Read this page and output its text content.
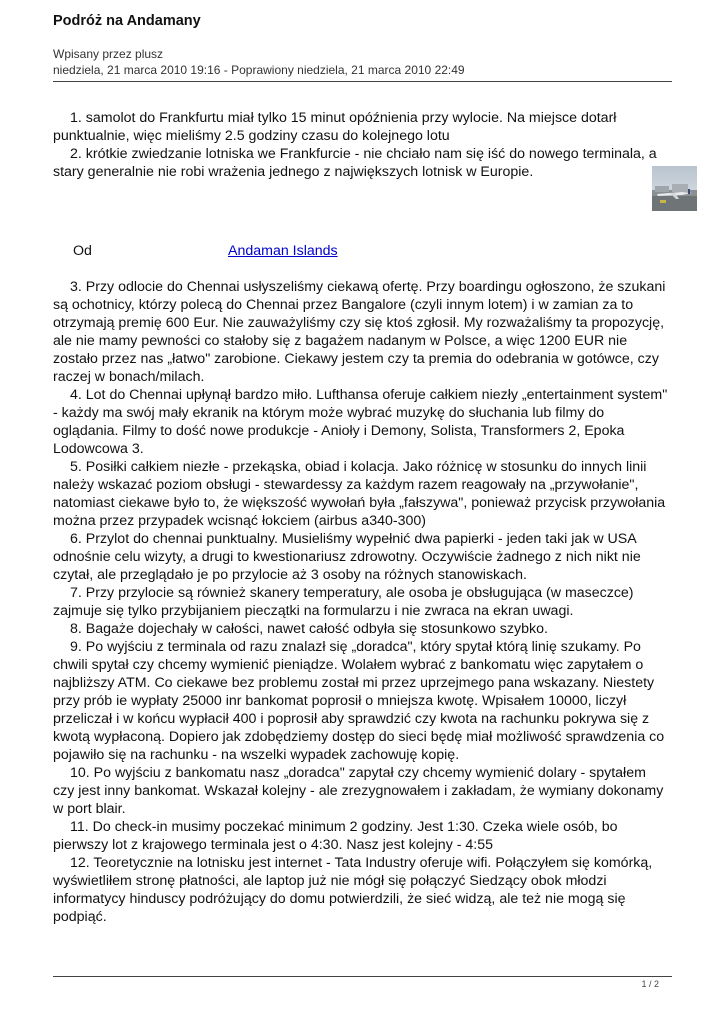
Podróż na Andamany
Wpisany przez plusz
niedziela, 21 marca 2010 19:16 - Poprawiony niedziela, 21 marca 2010 22:49

1. samolot do Frankfurtu miał tylko 15 minut opóźnienia przy wylocie. Na miejsce dotarł punktualnie, więc mieliśmy 2.5 godziny czasu do kolejnego lotu

2. krótkie zwiedzanie lotniska we Frankfurcie - nie chciało nam się iść do nowego terminala, a stary generalnie nie robi wrażenia jednego z największych lotnisk w Europie.

Od	Andaman Islands

3. Przy odlocie do Chennai usłyszeliśmy ciekawą ofertę. Przy boardingu ogłoszono, że szukani są ochotnicy, którzy polecą do Chennai przez Bangalore (czyli innym lotem) i w zamian za to otrzymają premię 600 Eur. Nie zauważyliśmy czy się ktoś zgłosił. My rozważaliśmy ta propozycję, ale nie mamy pewności co stałoby się z bagażem nadanym w Polsce, a więc 1200 EUR nie zostało przez nas „łatwo" zarobione. Ciekawy jestem czy ta premia do odebrania w gotówce, czy raczej w bonach/milach.

4. Lot do Chennai upłynął bardzo miło. Lufthansa oferuje całkiem niezły „entertainment system" - każdy ma swój mały ekranik na którym może wybrać muzykę do słuchania lub filmy do oglądania. Filmy to dość nowe produkcje - Anioły i Demony, Solista, Transformers 2, Epoka Lodowcowa 3.

5. Posiłki całkiem niezłe - przekąska, obiad i kolacja. Jako różnicę w stosunku do innych linii należy wskazać poziom obsługi - stewardessy za każdym razem reagowały na „przywołanie", natomiast ciekawe było to, że większość wywołań była „fałszywa", ponieważ przycisk przywołania można przez przypadek wcisnąć łokciem (airbus a340-300)

6. Przylot do chennai punktualny. Musieliśmy wypełnić dwa papierki - jeden taki jak w USA odnośnie celu wizyty, a drugi to kwestionariusz zdrowotny. Oczywiście żadnego z nich nikt nie czytał, ale przeglądało je po przylocie aż 3 osoby na różnych stanowiskach.

7. Przy przylocie są również skanery temperatury, ale osoba je obsługująca (w maseczce) zajmuje się tylko przybijaniem pieczątki na formularzu i nie zwraca na ekran uwagi.

8. Bagaże dojechały w całości, nawet całość odbyła się stosunkowo szybko.

9. Po wyjściu z terminala od razu znalazł się „doradca", który spytał którą linię szukamy. Po chwili spytał czy chcemy wymienić pieniądze. Wolałem wybrać z bankomatu więc zapytałem o najbliższy ATM. Co ciekawe bez problemu został mi przez uprzejmego pana wskazany. Niestety przy prób ie wypłaty 25000 inr bankomat poprosił o mniejsza kwotę. Wpisałem 10000, liczył przeliczał i w końcu wypłacił 400 i poprosił aby sprawdzić czy kwota na rachunku pokrywa się z kwotą wypłaconą. Dopiero jak zdobędziemy dostęp do sieci będę miał możliwość sprawdzenia co pojawiło się na rachunku - na wszelki wypadek zachowuję kopię.

10. Po wyjściu z bankomatu nasz „doradca" zapytał czy chcemy wymienić dolary - spytałem czy jest inny bankomat. Wskazał kolejny - ale zrezygnowałem i zakładam, że wymiany dokonamy w port blair.

11. Do check-in musimy poczekać minimum 2 godziny. Jest 1:30. Czeka wiele osób, bo pierwszy lot z krajowego terminala jest o 4:30. Nasz jest kolejny - 4:55

12. Teoretycznie na lotnisku jest internet - Tata Industry oferuje wifi. Połączyłem się komórką, wyświetliłem stronę płatności, ale laptop już nie mógł się połączyć Siedzący obok młodzi informatycy hinduscy podróżujący do domu potwierdzili, że sieć widzą, ale też nie mogą się podpiąć.

1 / 2
